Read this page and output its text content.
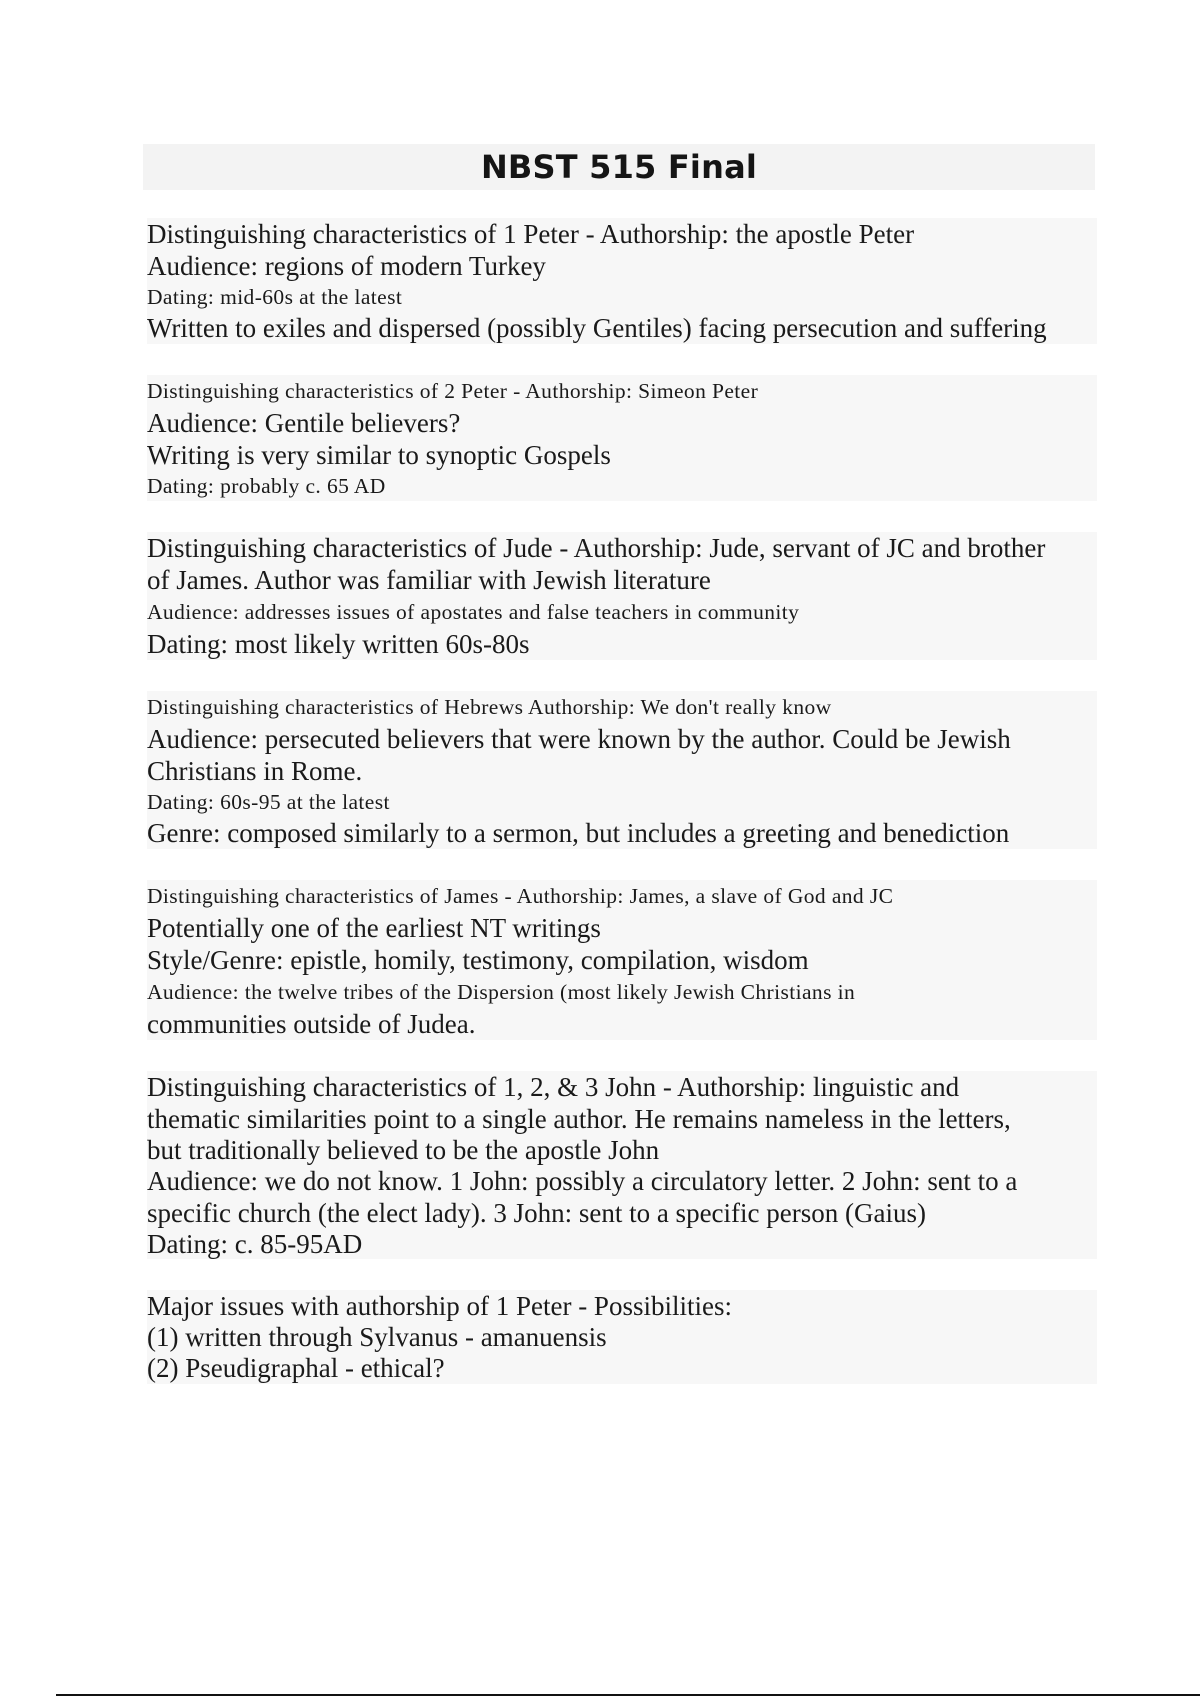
NBST 515 Final
Distinguishing characteristics of 1 Peter - Authorship: the apostle Peter
Audience: regions of modern Turkey
Dating: mid-60s at the latest
Written to exiles and dispersed (possibly Gentiles) facing persecution and suffering
Distinguishing characteristics of 2 Peter - Authorship: Simeon Peter
Audience: Gentile believers?
Writing is very similar to synoptic Gospels
Dating: probably c. 65 AD
Distinguishing characteristics of Jude - Authorship: Jude, servant of JC and brother
of James. Author was familiar with Jewish literature
Audience: addresses issues of apostates and false teachers in community
Dating: most likely written 60s-80s
Distinguishing characteristics of Hebrews Authorship: We don't really know
Audience: persecuted believers that were known by the author. Could be Jewish
Christians in Rome.
Dating: 60s-95 at the latest
Genre: composed similarly to a sermon, but includes a greeting and benediction
Distinguishing characteristics of James - Authorship: James, a slave of God and JC
Potentially one of the earliest NT writings
Style/Genre: epistle, homily, testimony, compilation, wisdom
Audience: the twelve tribes of the Dispersion (most likely Jewish Christians in
communities outside of Judea.
Distinguishing characteristics of 1, 2, & 3 John - Authorship: linguistic and
thematic similarities point to a single author. He remains nameless in the letters,
but traditionally believed to be the apostle John
Audience: we do not know. 1 John: possibly a circulatory letter. 2 John: sent to a
specific church (the elect lady). 3 John: sent to a specific person (Gaius)
Dating: c. 85-95AD
Major issues with authorship of 1 Peter - Possibilities:
(1) written through Sylvanus - amanuensis
(2) Pseudigraphal - ethical?
